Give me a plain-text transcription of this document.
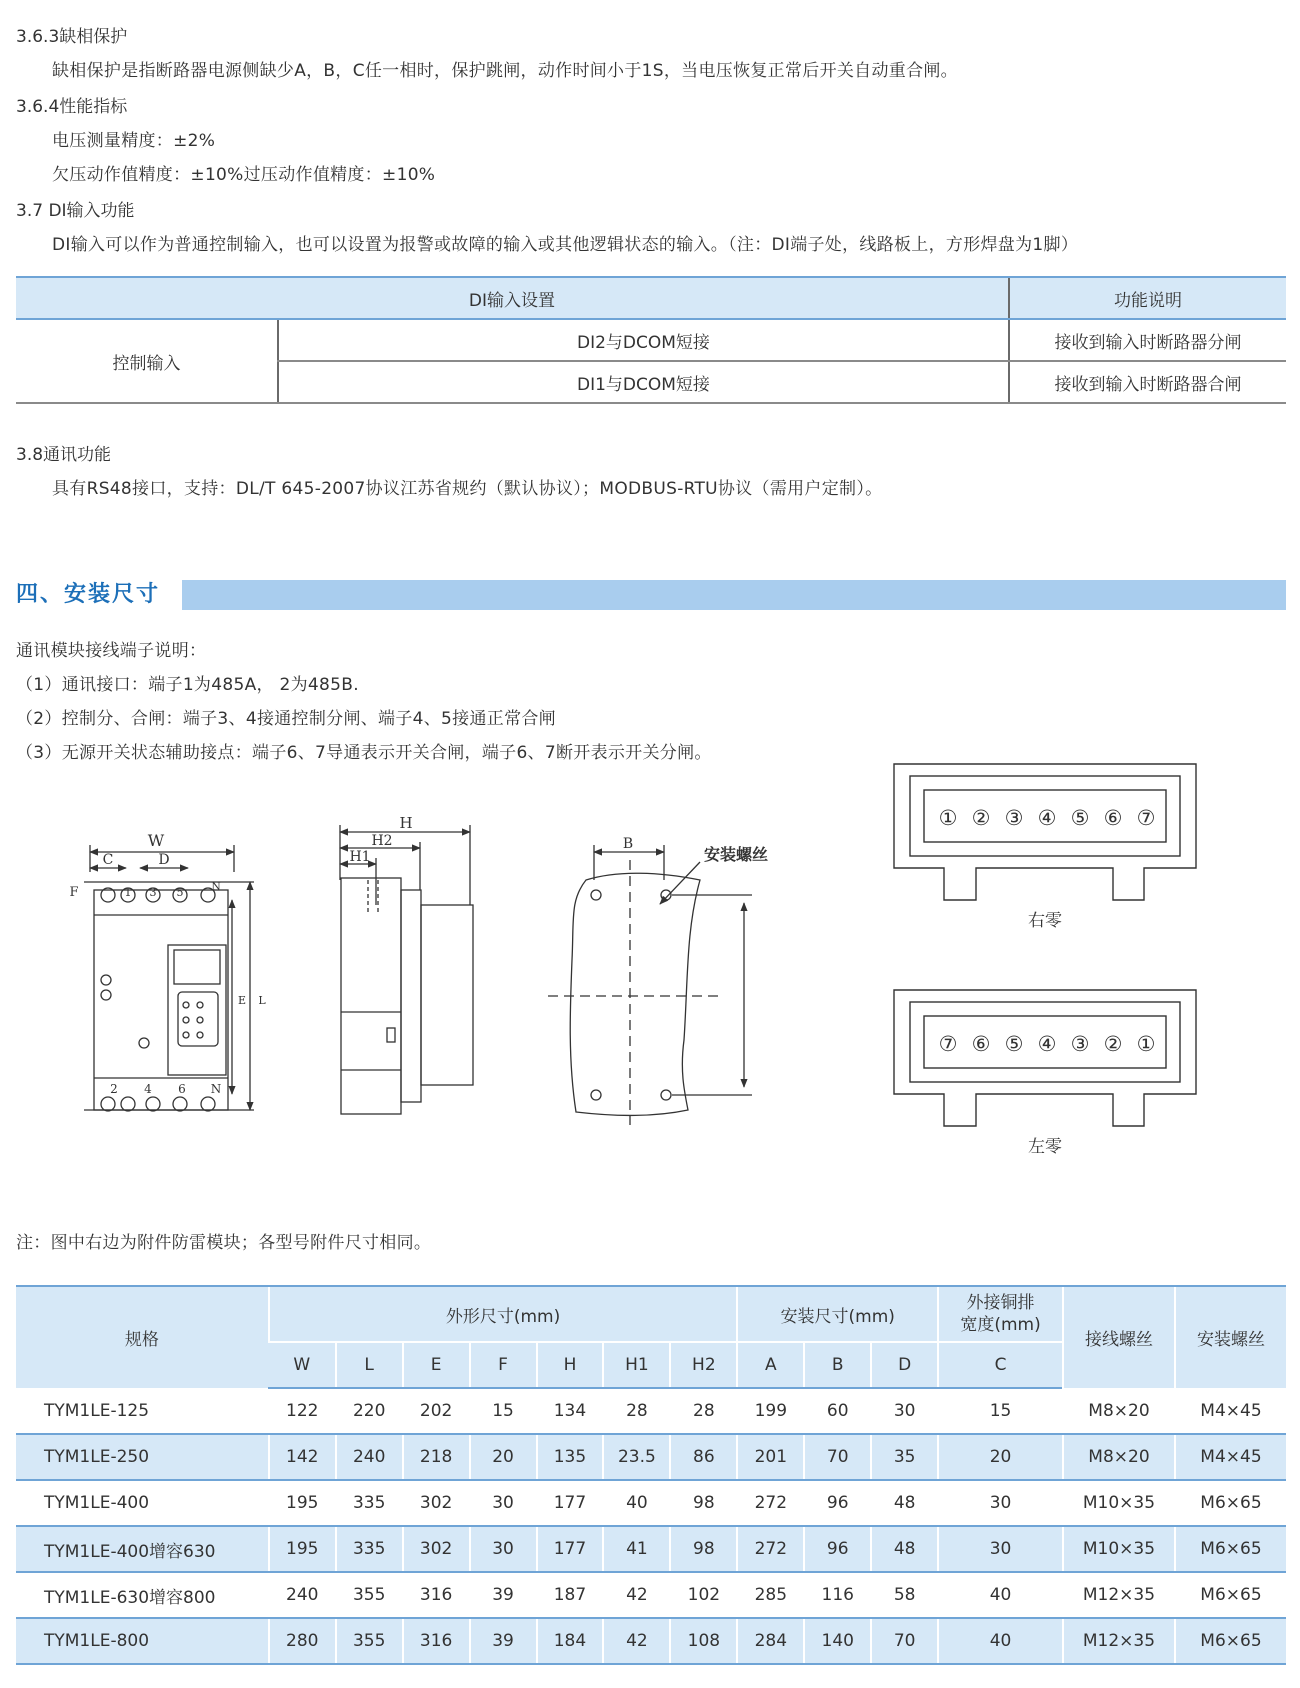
3.6.3缺相保护
缺相保护是指断路器电源侧缺少A，B，C任一相时，保护跳闸，动作时间小于1S，当电压恢复正常后开关自动重合闸。
3.6.4性能指标
电压测量精度：±2%
欠压动作值精度：±10%过压动作值精度：±10%
3.7 DI输入功能
DI输入可以作为普通控制输入，也可以设置为报警或故障的输入或其他逻辑状态的输入。（注：DI端子处，线路板上，方形焊盘为1脚）
DI输入设置		功能说明
控制输入	DI2与DCOM短接	接收到输入时断路器分闸
	DI1与DCOM短接	接收到输入时断路器合闸
3.8通讯功能
具有RS48接口，支持：DL/T 645-2007协议江苏省规约（默认协议）；MODBUS-RTU协议（需用户定制）。
四、安装尺寸
通讯模块接线端子说明：
（1）通讯接口：端子1为485A， 2为485B.
（2）控制分、合闸：端子3、4接通控制分闸、端子4、5接通正常合闸
（3）无源开关状态辅助接点：端子6、7导通表示开关合闸，端子6、7断开表示开关分闸。
W
C	D
F
E L
1 3 5	N
2 4 6 N
H
H2
H1
B
安装螺丝
① ② ③ ④ ⑤ ⑥ ⑦
右零
⑦ ⑥ ⑤ ④ ③ ② ①
左零
注：图中右边为附件防雷模块；各型号附件尺寸相同。
规格	外形尺寸(mm)							安装尺寸(mm)			外接铜排
宽度(mm)	接线螺丝	安装螺丝
	W	L	E	F	H	H1	H2	A	B	D	C		
TYM1LE-125	122	220	202	15	134	28	28	199	60	30	15	M8×20	M4×45
TYM1LE-250	142	240	218	20	135	23.5	86	201	70	35	20	M8×20	M4×45
TYM1LE-400	195	335	302	30	177	40	98	272	96	48	30	M10×35	M6×65
TYM1LE-400增容630	195	335	302	30	177	41	98	272	96	48	30	M10×35	M6×65
TYM1LE-630增容800	240	355	316	39	187	42	102	285	116	58	40	M12×35	M6×65
TYM1LE-800	280	355	316	39	184	42	108	284	140	70	40	M12×35	M6×65
